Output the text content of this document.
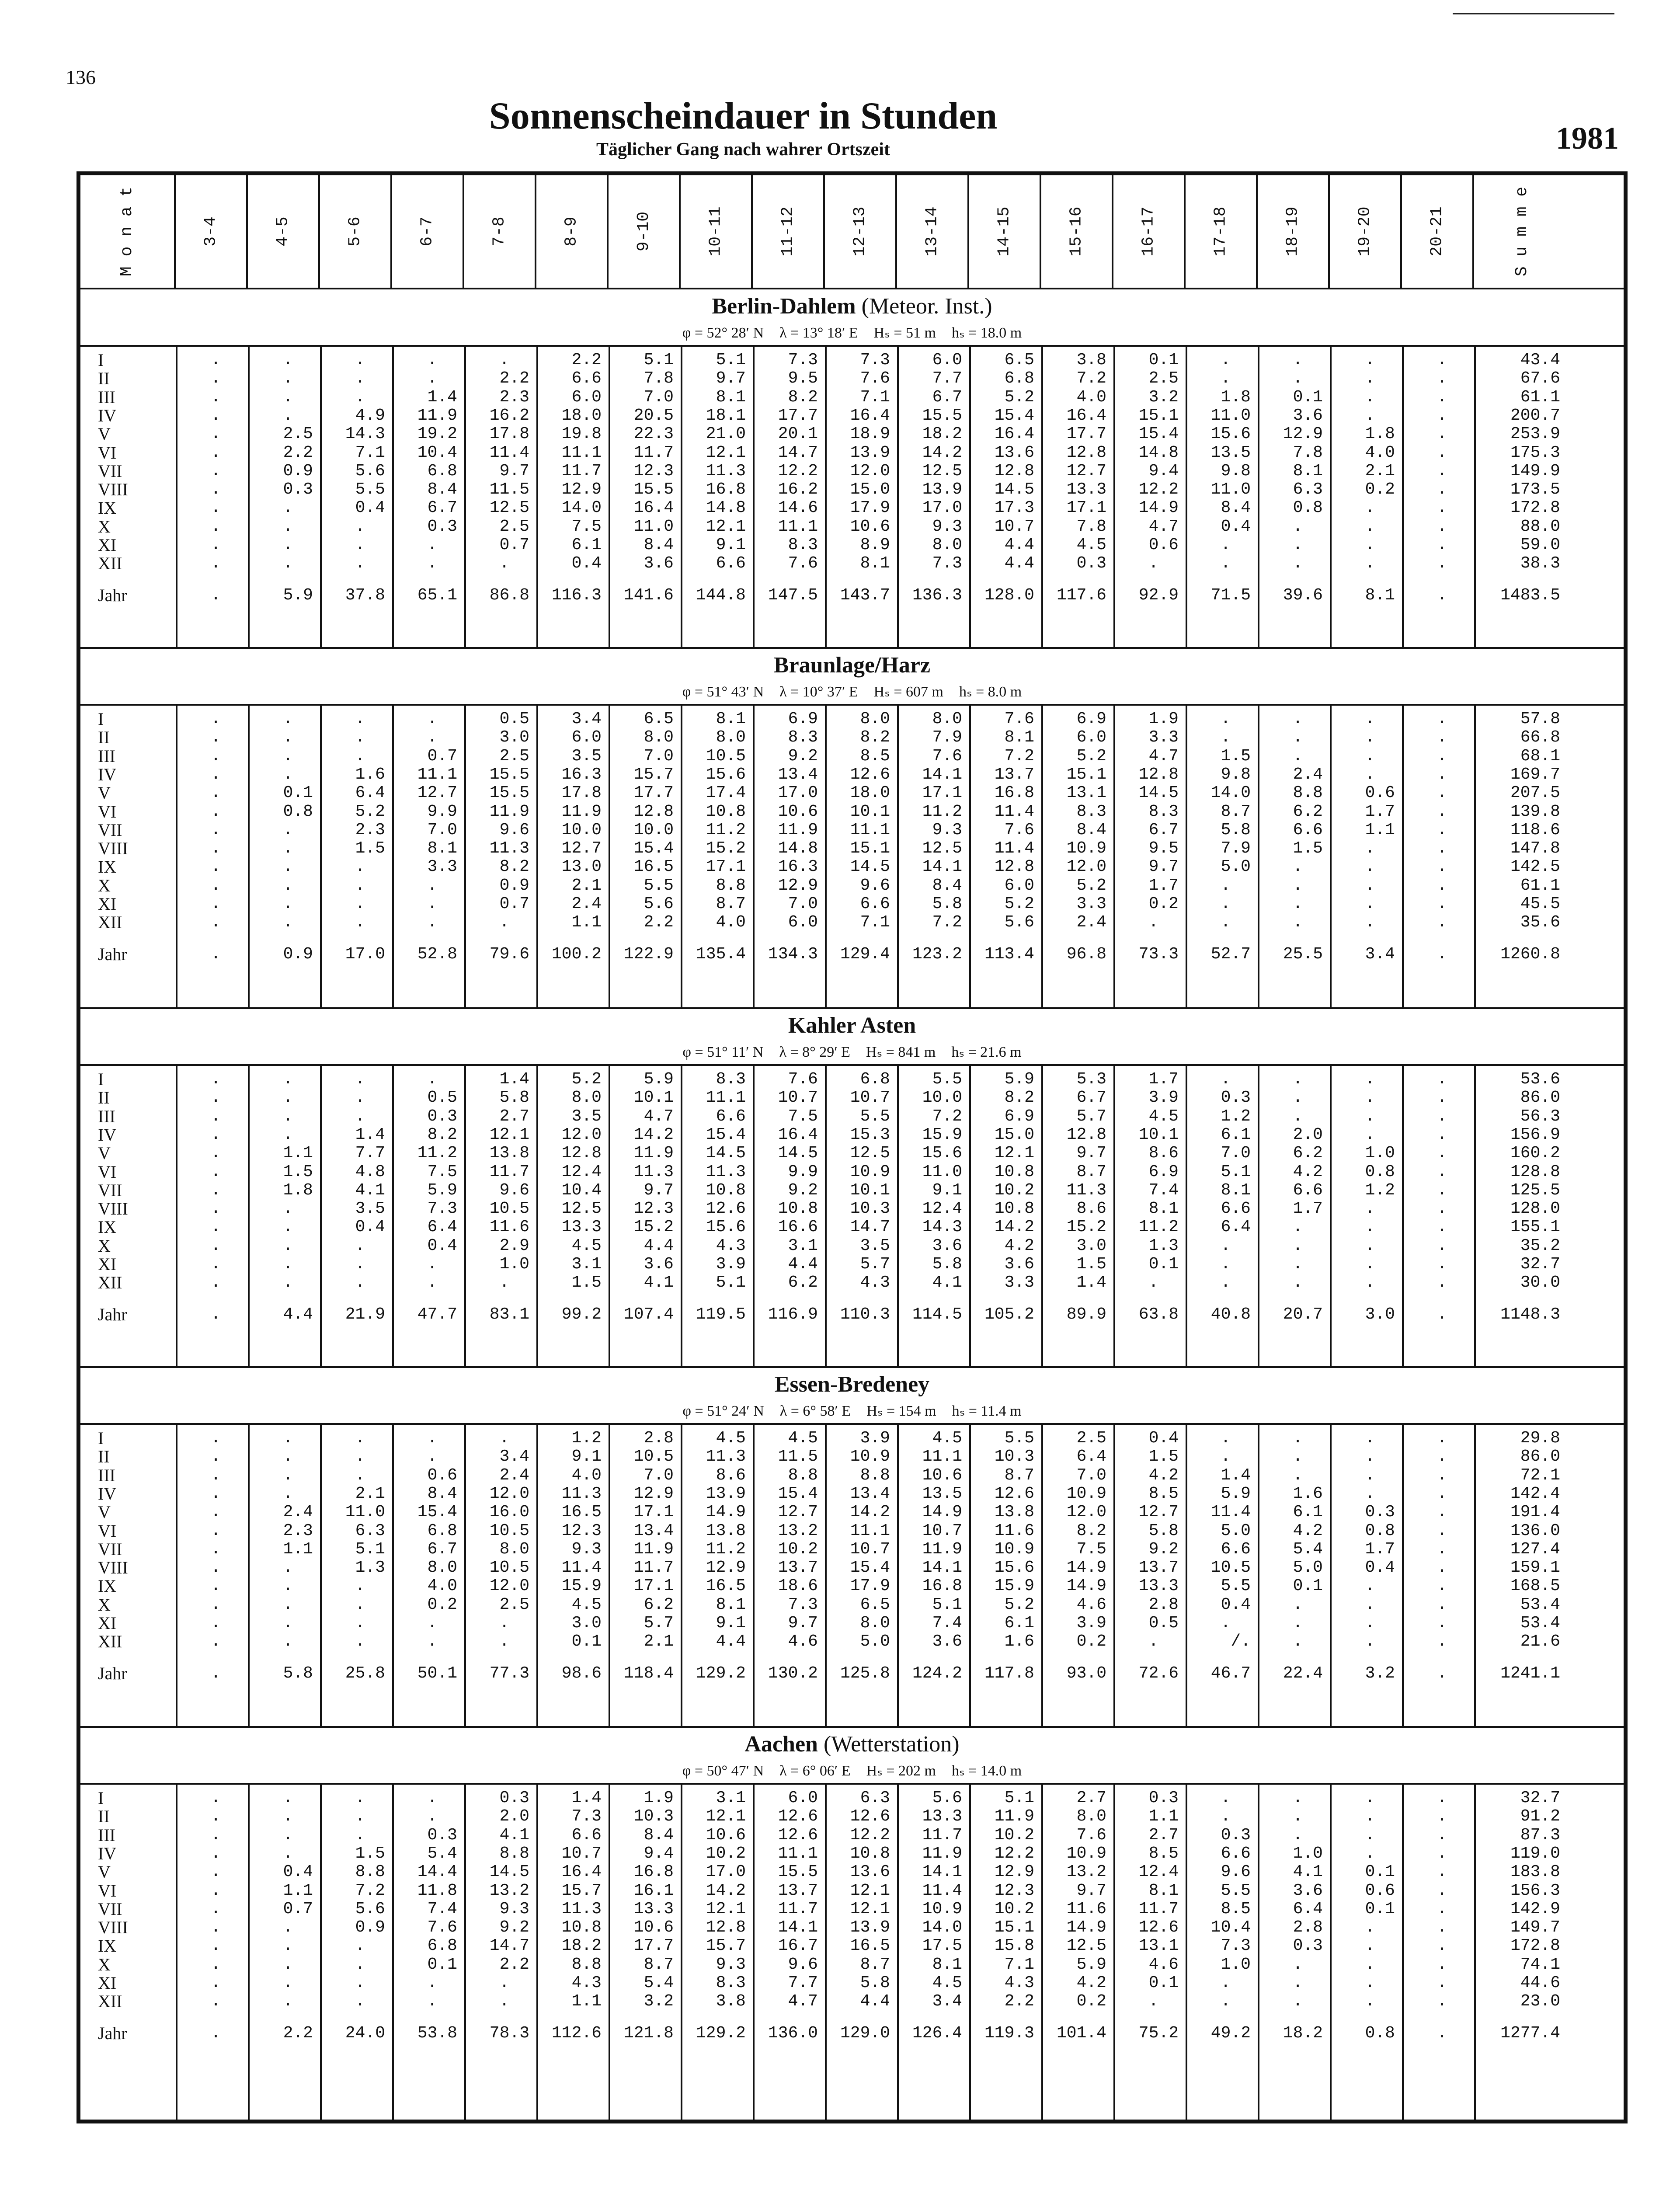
136
Sonnenscheindauer in Stunden
Täglicher Gang nach wahrer Ortszeit	1981
M o n a t	3-4	4-5	5-6	6-7	7-8	8-9	9-10	10-11	11-12	12-13	13-14	14-15	15-16	16-17	17-18	18-19	19-20	20-21	S u m m e
Berlin-Dahlem (Meteor. Inst.)
φ = 52° 28′ N λ = 13° 18′ E Hₛ = 51 m hₛ = 18.0 m
I	.	.	.	.	.	2.2	5.1	5.1	7.3	7.3	6.0	6.5	3.8	0.1	.	.	.	.	43.4
II	.	.	.	.	2.2	6.6	7.8	9.7	9.5	7.6	7.7	6.8	7.2	2.5	.	.	.	.	67.6
III	.	.	.	1.4	2.3	6.0	7.0	8.1	8.2	7.1	6.7	5.2	4.0	3.2	1.8	0.1	.	.	61.1
IV	.	.	4.9	11.9	16.2	18.0	20.5	18.1	17.7	16.4	15.5	15.4	16.4	15.1	11.0	3.6	.	.	200.7
V	.	2.5	14.3	19.2	17.8	19.8	22.3	21.0	20.1	18.9	18.2	16.4	17.7	15.4	15.6	12.9	1.8	.	253.9
VI	.	2.2	7.1	10.4	11.4	11.1	11.7	12.1	14.7	13.9	14.2	13.6	12.8	14.8	13.5	7.8	4.0	.	175.3
VII	.	0.9	5.6	6.8	9.7	11.7	12.3	11.3	12.2	12.0	12.5	12.8	12.7	9.4	9.8	8.1	2.1	.	149.9
VIII	.	0.3	5.5	8.4	11.5	12.9	15.5	16.8	16.2	15.0	13.9	14.5	13.3	12.2	11.0	6.3	0.2	.	173.5
IX	.	.	0.4	6.7	12.5	14.0	16.4	14.8	14.6	17.9	17.0	17.3	17.1	14.9	8.4	0.8	.	.	172.8
X	.	.	.	0.3	2.5	7.5	11.0	12.1	11.1	10.6	9.3	10.7	7.8	4.7	0.4	.	.	.	88.0
XI	.	.	.	.	0.7	6.1	8.4	9.1	8.3	8.9	8.0	4.4	4.5	0.6	.	.	.	.	59.0
XII	.	.	.	.	.	0.4	3.6	6.6	7.6	8.1	7.3	4.4	0.3	.	.	.	.	.	38.3
Jahr	.	5.9	37.8	65.1	86.8	116.3	141.6	144.8	147.5	143.7	136.3	128.0	117.6	92.9	71.5	39.6	8.1	.	1483.5
Braunlage/Harz
φ = 51° 43′ N λ = 10° 37′ E Hₛ = 607 m hₛ = 8.0 m
I	.	.	.	.	0.5	3.4	6.5	8.1	6.9	8.0	8.0	7.6	6.9	1.9	.	.	.	.	57.8
II	.	.	.	.	3.0	6.0	8.0	8.0	8.3	8.2	7.9	8.1	6.0	3.3	.	.	.	.	66.8
III	.	.	.	0.7	2.5	3.5	7.0	10.5	9.2	8.5	7.6	7.2	5.2	4.7	1.5	.	.	.	68.1
IV	.	.	1.6	11.1	15.5	16.3	15.7	15.6	13.4	12.6	14.1	13.7	15.1	12.8	9.8	2.4	.	.	169.7
V	.	0.1	6.4	12.7	15.5	17.8	17.7	17.4	17.0	18.0	17.1	16.8	13.1	14.5	14.0	8.8	0.6	.	207.5
VI	.	0.8	5.2	9.9	11.9	11.9	12.8	10.8	10.6	10.1	11.2	11.4	8.3	8.3	8.7	6.2	1.7	.	139.8
VII	.	.	2.3	7.0	9.6	10.0	10.0	11.2	11.9	11.1	9.3	7.6	8.4	6.7	5.8	6.6	1.1	.	118.6
VIII	.	.	1.5	8.1	11.3	12.7	15.4	15.2	14.8	15.1	12.5	11.4	10.9	9.5	7.9	1.5	.	.	147.8
IX	.	.	.	3.3	8.2	13.0	16.5	17.1	16.3	14.5	14.1	12.8	12.0	9.7	5.0	.	.	.	142.5
X	.	.	.	.	0.9	2.1	5.5	8.8	12.9	9.6	8.4	6.0	5.2	1.7	.	.	.	.	61.1
XI	.	.	.	.	0.7	2.4	5.6	8.7	7.0	6.6	5.8	5.2	3.3	0.2	.	.	.	.	45.5
XII	.	.	.	.	.	1.1	2.2	4.0	6.0	7.1	7.2	5.6	2.4	.	.	.	.	.	35.6
Jahr	.	0.9	17.0	52.8	79.6	100.2	122.9	135.4	134.3	129.4	123.2	113.4	96.8	73.3	52.7	25.5	3.4	.	1260.8
Kahler Asten
φ = 51° 11′ N λ = 8° 29′ E Hₛ = 841 m hₛ = 21.6 m
I	.	.	.	.	1.4	5.2	5.9	8.3	7.6	6.8	5.5	5.9	5.3	1.7	.	.	.	.	53.6
II	.	.	.	0.5	5.8	8.0	10.1	11.1	10.7	10.7	10.0	8.2	6.7	3.9	0.3	.	.	.	86.0
III	.	.	.	0.3	2.7	3.5	4.7	6.6	7.5	5.5	7.2	6.9	5.7	4.5	1.2	.	.	.	56.3
IV	.	.	1.4	8.2	12.1	12.0	14.2	15.4	16.4	15.3	15.9	15.0	12.8	10.1	6.1	2.0	.	.	156.9
V	.	1.1	7.7	11.2	13.8	12.8	11.9	14.5	14.5	12.5	15.6	12.1	9.7	8.6	7.0	6.2	1.0	.	160.2
VI	.	1.5	4.8	7.5	11.7	12.4	11.3	11.3	9.9	10.9	11.0	10.8	8.7	6.9	5.1	4.2	0.8	.	128.8
VII	.	1.8	4.1	5.9	9.6	10.4	9.7	10.8	9.2	10.1	9.1	10.2	11.3	7.4	8.1	6.6	1.2	.	125.5
VIII	.	.	3.5	7.3	10.5	12.5	12.3	12.6	10.8	10.3	12.4	10.8	8.6	8.1	6.6	1.7	.	.	128.0
IX	.	.	0.4	6.4	11.6	13.3	15.2	15.6	16.6	14.7	14.3	14.2	15.2	11.2	6.4	.	.	.	155.1
X	.	.	.	0.4	2.9	4.5	4.4	4.3	3.1	3.5	3.6	4.2	3.0	1.3	.	.	.	.	35.2
XI	.	.	.	.	1.0	3.1	3.6	3.9	4.4	5.7	5.8	3.6	1.5	0.1	.	.	.	.	32.7
XII	.	.	.	.	.	1.5	4.1	5.1	6.2	4.3	4.1	3.3	1.4	.	.	.	.	.	30.0
Jahr	.	4.4	21.9	47.7	83.1	99.2	107.4	119.5	116.9	110.3	114.5	105.2	89.9	63.8	40.8	20.7	3.0	.	1148.3
Essen-Bredeney
φ = 51° 24′ N λ = 6° 58′ E Hₛ = 154 m hₛ = 11.4 m
I	.	.	.	.	.	1.2	2.8	4.5	4.5	3.9	4.5	5.5	2.5	0.4	.	.	.	.	29.8
II	.	.	.	.	3.4	9.1	10.5	11.3	11.5	10.9	11.1	10.3	6.4	1.5	.	.	.	.	86.0
III	.	.	.	0.6	2.4	4.0	7.0	8.6	8.8	8.8	10.6	8.7	7.0	4.2	1.4	.	.	.	72.1
IV	.	.	2.1	8.4	12.0	11.3	12.9	13.9	15.4	13.4	13.5	12.6	10.9	8.5	5.9	1.6	.	.	142.4
V	.	2.4	11.0	15.4	16.0	16.5	17.1	14.9	12.7	14.2	14.9	13.8	12.0	12.7	11.4	6.1	0.3	.	191.4
VI	.	2.3	6.3	6.8	10.5	12.3	13.4	13.8	13.2	11.1	10.7	11.6	8.2	5.8	5.0	4.2	0.8	.	136.0
VII	.	1.1	5.1	6.7	8.0	9.3	11.9	11.2	10.2	10.7	11.9	10.9	7.5	9.2	6.6	5.4	1.7	.	127.4
VIII	.	.	1.3	8.0	10.5	11.4	11.7	12.9	13.7	15.4	14.1	15.6	14.9	13.7	10.5	5.0	0.4	.	159.1
IX	.	.	.	4.0	12.0	15.9	17.1	16.5	18.6	17.9	16.8	15.9	14.9	13.3	5.5	0.1	.	.	168.5
X	.	.	.	0.2	2.5	4.5	6.2	8.1	7.3	6.5	5.1	5.2	4.6	2.8	0.4	.	.	.	53.4
XI	.	.	.	.	.	3.0	5.7	9.1	9.7	8.0	7.4	6.1	3.9	0.5	.	.	.	.	53.4
XII	.	.	.	.	.	0.1	2.1	4.4	4.6	5.0	3.6	1.6	0.2	.	/.	.	.	.	21.6
Jahr	.	5.8	25.8	50.1	77.3	98.6	118.4	129.2	130.2	125.8	124.2	117.8	93.0	72.6	46.7	22.4	3.2	.	1241.1
Aachen (Wetterstation)
φ = 50° 47′ N λ = 6° 06′ E Hₛ = 202 m hₛ = 14.0 m
I	.	.	.	.	0.3	1.4	1.9	3.1	6.0	6.3	5.6	5.1	2.7	0.3	.	.	.	.	32.7
II	.	.	.	.	2.0	7.3	10.3	12.1	12.6	12.6	13.3	11.9	8.0	1.1	.	.	.	.	91.2
III	.	.	.	0.3	4.1	6.6	8.4	10.6	12.6	12.2	11.7	10.2	7.6	2.7	0.3	.	.	.	87.3
IV	.	.	1.5	5.4	8.8	10.7	9.4	10.2	11.1	10.8	11.9	12.2	10.9	8.5	6.6	1.0	.	.	119.0
V	.	0.4	8.8	14.4	14.5	16.4	16.8	17.0	15.5	13.6	14.1	12.9	13.2	12.4	9.6	4.1	0.1	.	183.8
VI	.	1.1	7.2	11.8	13.2	15.7	16.1	14.2	13.7	12.1	11.4	12.3	9.7	8.1	5.5	3.6	0.6	.	156.3
VII	.	0.7	5.6	7.4	9.3	11.3	13.3	12.1	11.7	12.1	10.9	10.2	11.6	11.7	8.5	6.4	0.1	.	142.9
VIII	.	.	0.9	7.6	9.2	10.8	10.6	12.8	14.1	13.9	14.0	15.1	14.9	12.6	10.4	2.8	.	.	149.7
IX	.	.	.	6.8	14.7	18.2	17.7	15.7	16.7	16.5	17.5	15.8	12.5	13.1	7.3	0.3	.	.	172.8
X	.	.	.	0.1	2.2	8.8	8.7	9.3	9.6	8.7	8.1	7.1	5.9	4.6	1.0	.	.	.	74.1
XI	.	.	.	.	.	4.3	5.4	8.3	7.7	5.8	4.5	4.3	4.2	0.1	.	.	.	.	44.6
XII	.	.	.	.	.	1.1	3.2	3.8	4.7	4.4	3.4	2.2	0.2	.	.	.	.	.	23.0
Jahr	.	2.2	24.0	53.8	78.3	112.6	121.8	129.2	136.0	129.0	126.4	119.3	101.4	75.2	49.2	18.2	0.8	.	1277.4
